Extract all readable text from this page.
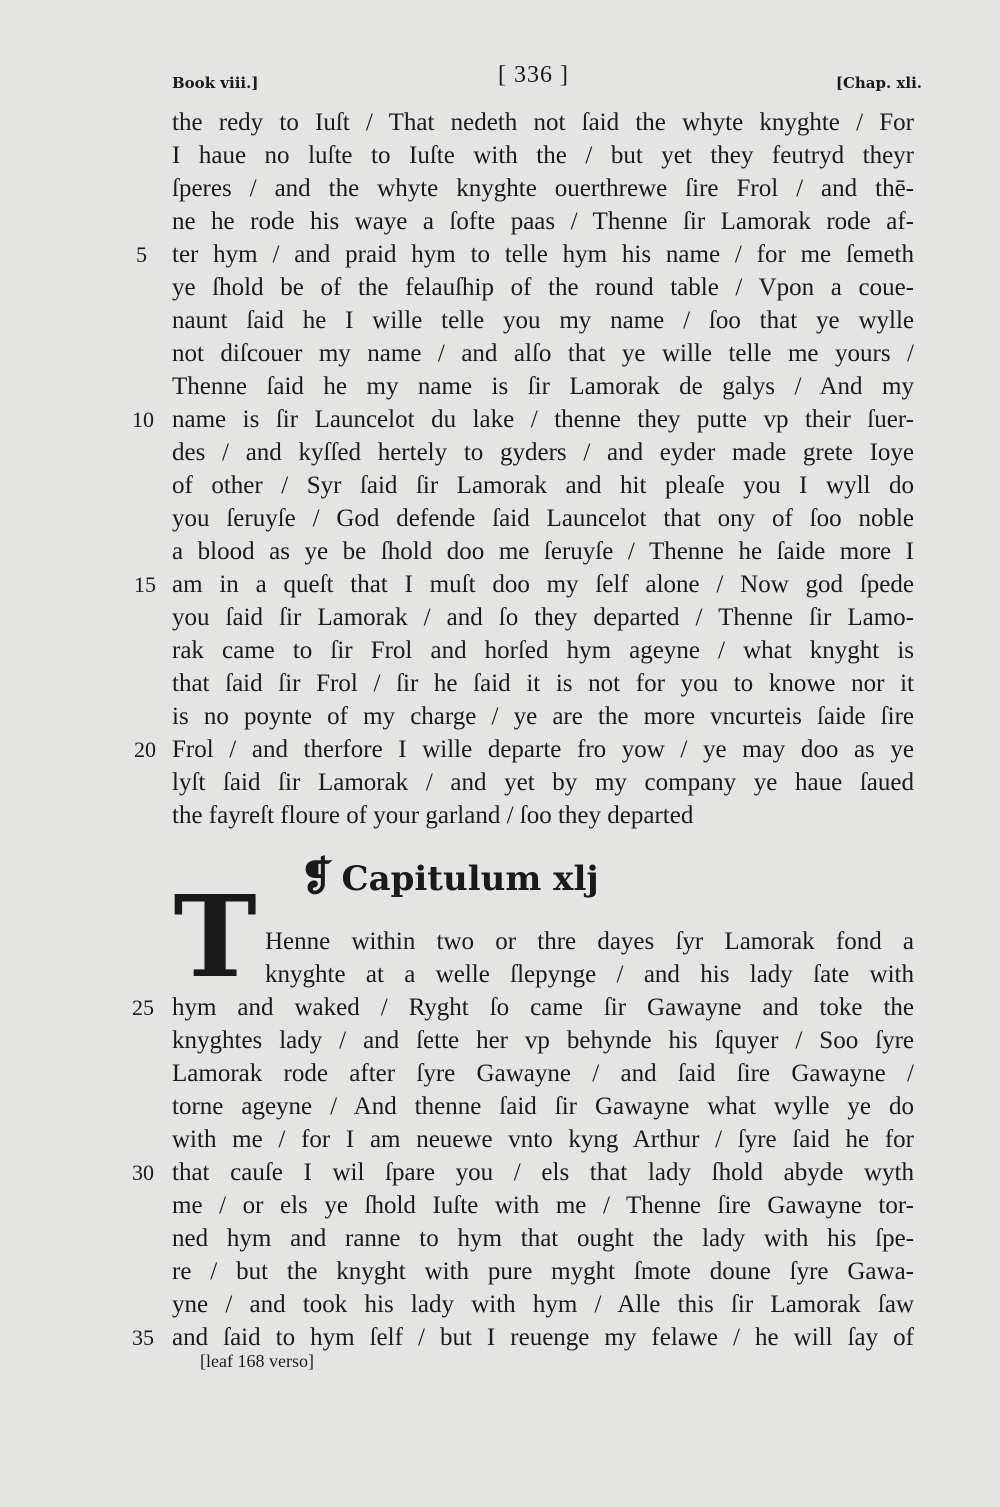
Book viii.]	[ 336 ]	[Chap. xli.
the redy to Iuſt / That nedeth not ſaid the whyte knyghte / For
I haue no luſte to Iuſte with the / but yet they feutryd theyr
ſperes / and the whyte knyghte ouerthrewe ſire Frol / and thē-
ne he rode his waye a ſofte paas / Thenne ſir Lamorak rode af-
ter hym / and praid hym to telle hym his name / for me ſemeth
ye ſhold be of the felauſhip of the round table / Vpon a coue-
naunt ſaid he I wille telle you my name / ſoo that ye wylle
not diſcouer my name / and alſo that ye wille telle me yours /
Thenne ſaid he my name is ſir Lamorak de galys / And my
name is ſir Launcelot du lake / thenne they putte vp their ſuer-
des / and kyſſed hertely to gyders / and eyder made grete Ioye
of other / Syr ſaid ſir Lamorak and hit pleaſe you I wyll do
you ſeruyſe / God defende ſaid Launcelot that ony of ſoo noble
a blood as ye be ſhold doo me ſeruyſe / Thenne he ſaide more I
am in a queſt that I muſt doo my ſelf alone / Now god ſpede
you ſaid ſir Lamorak / and ſo they departed / Thenne ſir Lamo-
rak came to ſir Frol and horſed hym ageyne / what knyght is
that ſaid ſir Frol / ſir he ſaid it is not for you to knowe nor it
is no poynte of my charge / ye are the more vncurteis ſaide ſire
Frol / and therfore I wille departe fro yow / ye may doo as ye
lyſt ſaid ſir Lamorak / and yet by my company ye haue ſaued
the fayreſt floure of your garland / ſoo they departed
5
10
15
20
❡ Capitulum xlj
T Henne within two or thre dayes ſyr Lamorak fond a
knyghte at a welle ſlepynge / and his lady ſate with
hym and waked / Ryght ſo came ſir Gawayne and toke the
knyghtes lady / and ſette her vp behynde his ſquyer / Soo ſyre
Lamorak rode after ſyre Gawayne / and ſaid ſire Gawayne /
torne ageyne / And thenne ſaid ſir Gawayne what wylle ye do
with me / for I am neuewe vnto kyng Arthur / ſyre ſaid he for
that cauſe I wil ſpare you / els that lady ſhold abyde wyth
me / or els ye ſhold Iuſte with me / Thenne ſire Gawayne tor-
ned hym and ranne to hym that ought the lady with his ſpe-
re / but the knyght with pure myght ſmote doune ſyre Gawa-
yne / and took his lady with hym / Alle this ſir Lamorak ſaw
and ſaid to hym ſelf / but I reuenge my felawe / he will ſay of
25
30
35
[leaf 168 verso]
